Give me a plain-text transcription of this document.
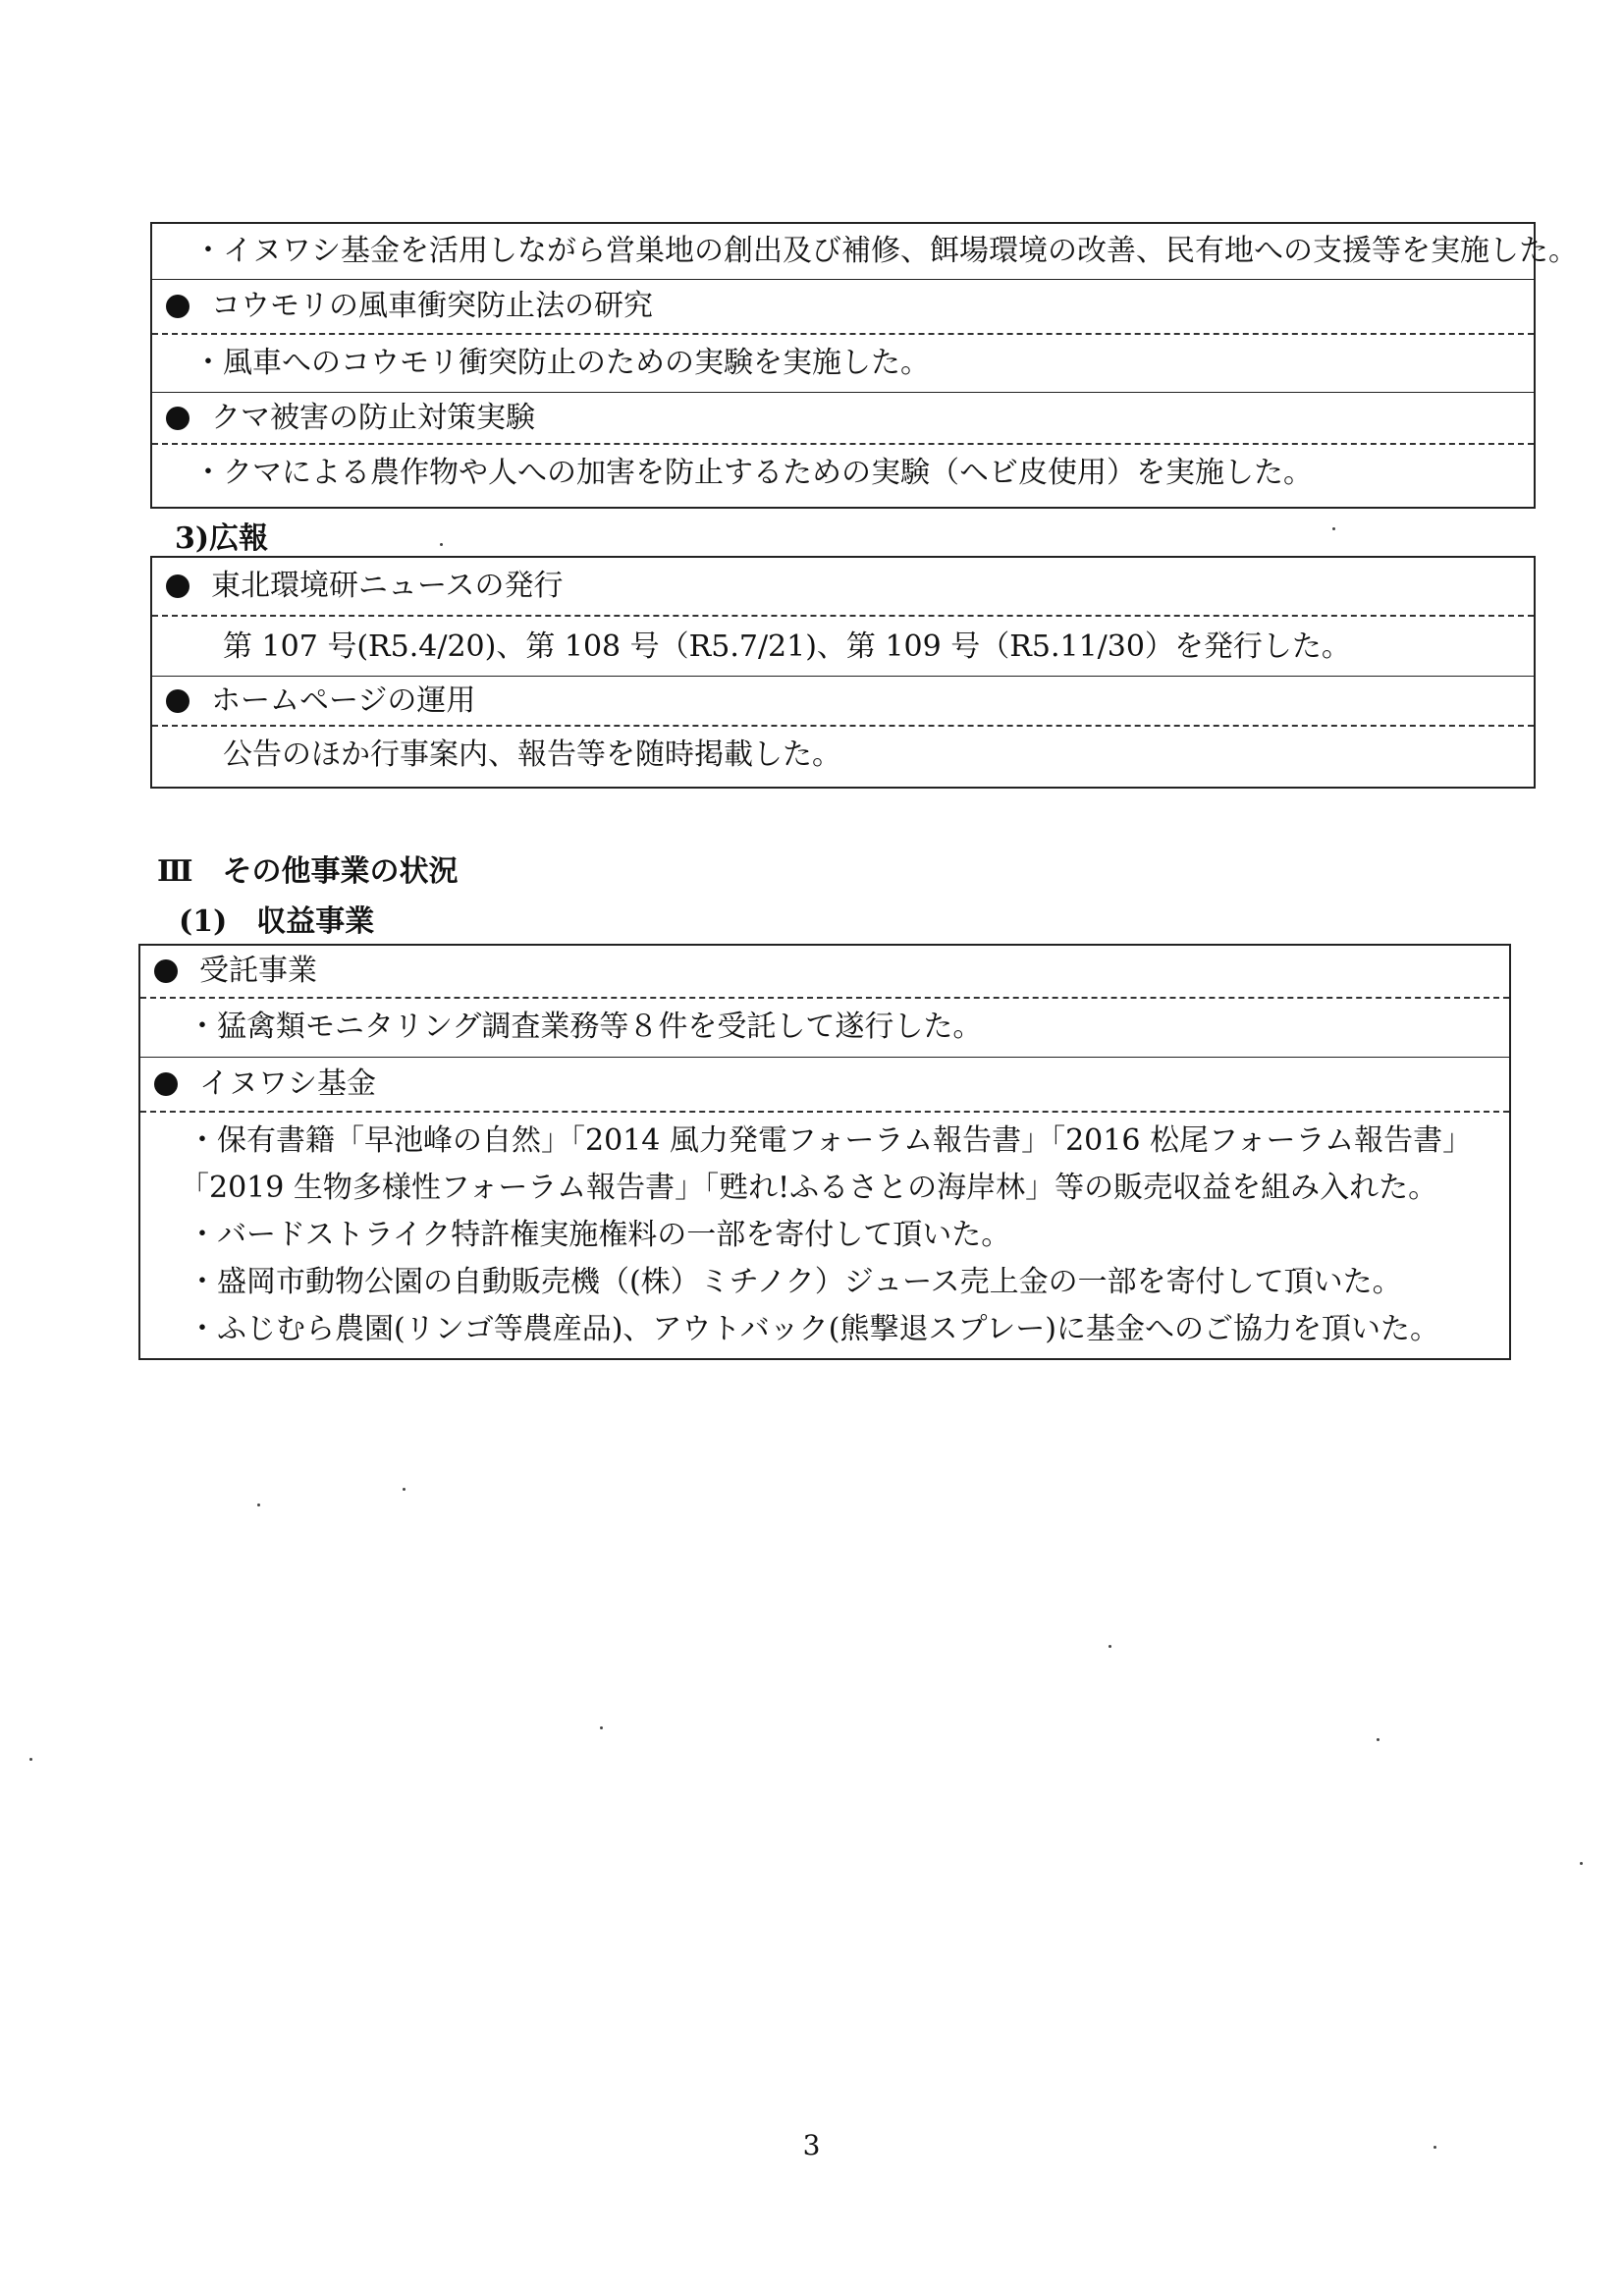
・イヌワシ基金を活用しながら営巣地の創出及び補修、餌場環境の改善、民有地への支援等を実施した。
コウモリの風車衝突防止法の研究
・風車へのコウモリ衝突防止のための実験を実施した。
クマ被害の防止対策実験
・クマによる農作物や人への加害を防止するための実験（ヘビ皮使用）を実施した。
3)広報
東北環境研ニュースの発行
第 107 号(R5.4/20)、第 108 号（R5.7/21)、第 109 号（R5.11/30）を発行した。
ホームページの運用
公告のほか行事案内、報告等を随時掲載した。
Ⅲ　その他事業の状況
(1)　収益事業
受託事業
・猛禽類モニタリング調査業務等８件を受託して遂行した。
イヌワシ基金
・保有書籍「早池峰の自然」「2014 風力発電フォーラム報告書」「2016 松尾フォーラム報告書」
「2019 生物多様性フォーラム報告書」「甦れ!ふるさとの海岸林」等の販売収益を組み入れた。
・バードストライク特許権実施権料の一部を寄付して頂いた。
・盛岡市動物公園の自動販売機（(株）ミチノク）ジュース売上金の一部を寄付して頂いた。
・ふじむら農園(リンゴ等農産品)、アウトバック(熊撃退スプレー)に基金へのご協力を頂いた。
3
